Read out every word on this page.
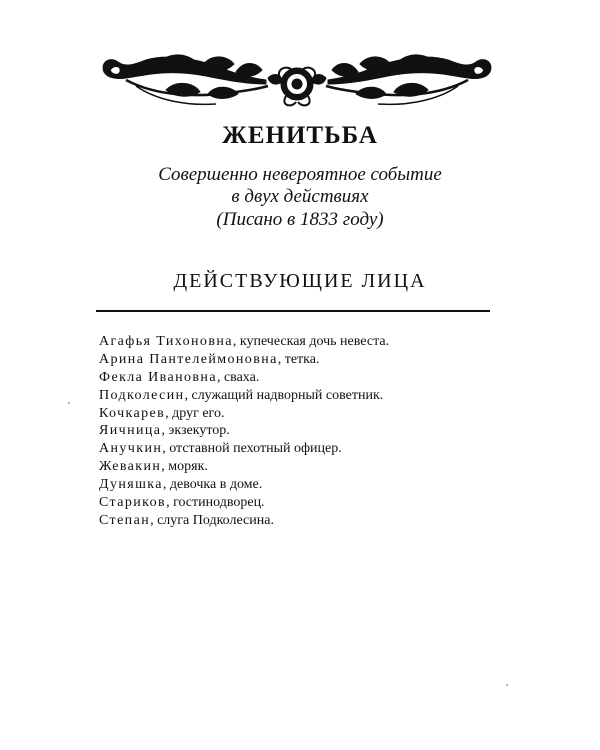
ЖЕНИТЬБА
Совершенно невероятное событие
в двух действиях
(Писано в 1833 году)
ДЕЙСТВУЮЩИЕ ЛИЦА
Агафья Тихоновна, купеческая дочь невеста.
Арина Пантелеймоновна, тетка.
Фекла Ивановна, сваха.
Подколесин, служащий надворный советник.
Кочкарев, друг его.
Яичница, экзекутор.
Анучкин, отставной пехотный офицер.
Жевакин, моряк.
Дуняшка, девочка в доме.
Стариков, гостинодворец.
Степан, слуга Подколесина.
